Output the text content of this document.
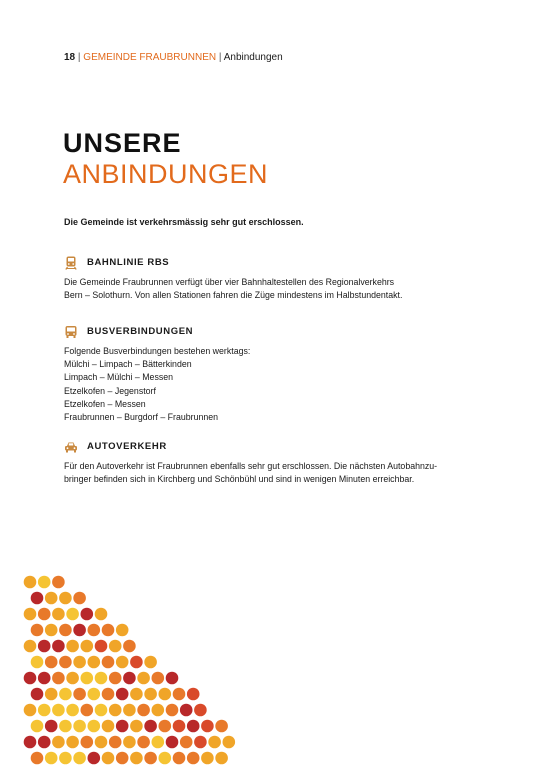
18 | GEMEINDE FRAUBRUNNEN | Anbindungen
UNSERE
ANBINDUNGEN
Die Gemeinde ist verkehrsmässig sehr gut erschlossen.
BAHNLINIE RBS

Die Gemeinde Fraubrunnen verfügt über vier Bahnhaltestellen des Regionalverkehrs

Bern – Solothurn. Von allen Stationen fahren die Züge mindestens im Halbstundentakt.

BUSVERBINDUNGEN

Folgende Busverbindungen bestehen werktags:

Mülchi – Limpach – Bätterkinden

Limpach – Mülchi – Messen

Etzelkofen – Jegenstorf

Etzelkofen – Messen

Fraubrunnen – Burgdorf – Fraubrunnen

AUTOVERKEHR

Für den Autoverkehr ist Fraubrunnen ebenfalls sehr gut erschlossen. Die nächsten Autobahnzu-

bringer befinden sich in Kirchberg und Schönbühl und sind in wenigen Minuten erreichbar.
